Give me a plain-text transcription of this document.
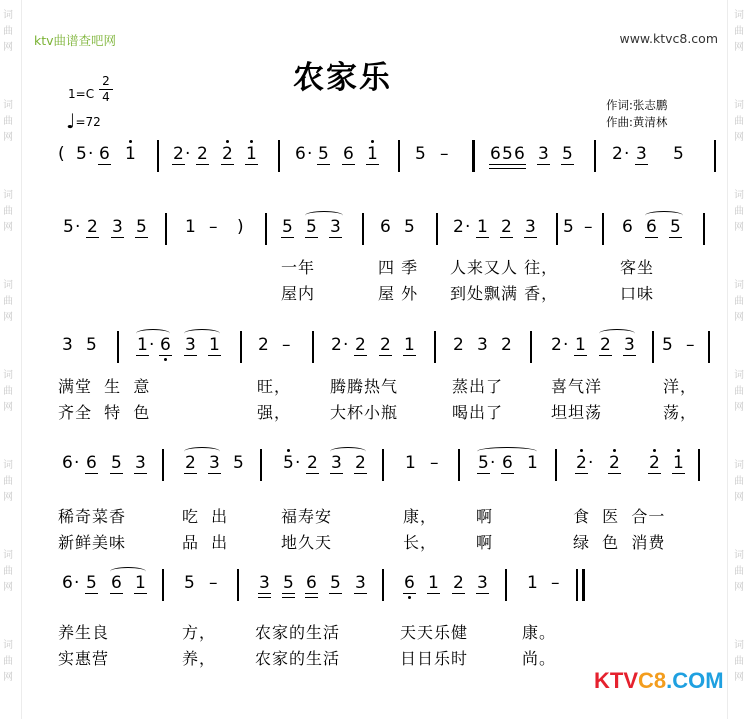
词
曲
网
词
曲
网
词
曲
网
词
曲
网
词
曲
网
词
曲
网
词
曲
网
词
曲
网
词
曲
网
词
曲
网
词
曲
网
词
曲
网
词
曲
网
词
曲
网
词
曲
网
词
曲
网
ktv曲谱查吧网	www.ktvc8.com
农家乐
1=C
2
4
♩=72
作词:张志鹏
作曲:黄清林
( 5 · 6 1 2 · 2 2 1 6 · 5 6 1 5 – 6 5 6 3 5 2 · 3 5
5 · 2 3 5 1 – ) 5 5 3 6 5 2 · 1 2 3 5 – 6 6 5
一年	四 季 人来又人 往，	客坐
屋内	屋 外 到处飘满 香，	口味
3 5 1 · 6 3 1 2 – 2 · 2 2 1 2 3 2 2 · 1 2 3 5 –
满堂  生  意	旺， 腾腾热气	蒸出了	喜气洋	洋，
齐全  特  色	强， 大杯小瓶	喝出了	坦坦荡	荡，
6 · 6 5 3 2 3 5 5 · 2 3 2 1 – 5 · 6 1 2 · 2 2 1
稀奇菜香	吃  出	福寿安	康， 啊	食  医  合一
新鲜美味	品  出	地久天	长， 啊	绿  色  消费
6 · 5 6 1 5 – 3 5 6 5 3 6 1 2 3 1 –
养生良	方， 农家的生活	天天乐健	康。
实惠营	养， 农家的生活	日日乐时	尚。
KTVC8.COM
